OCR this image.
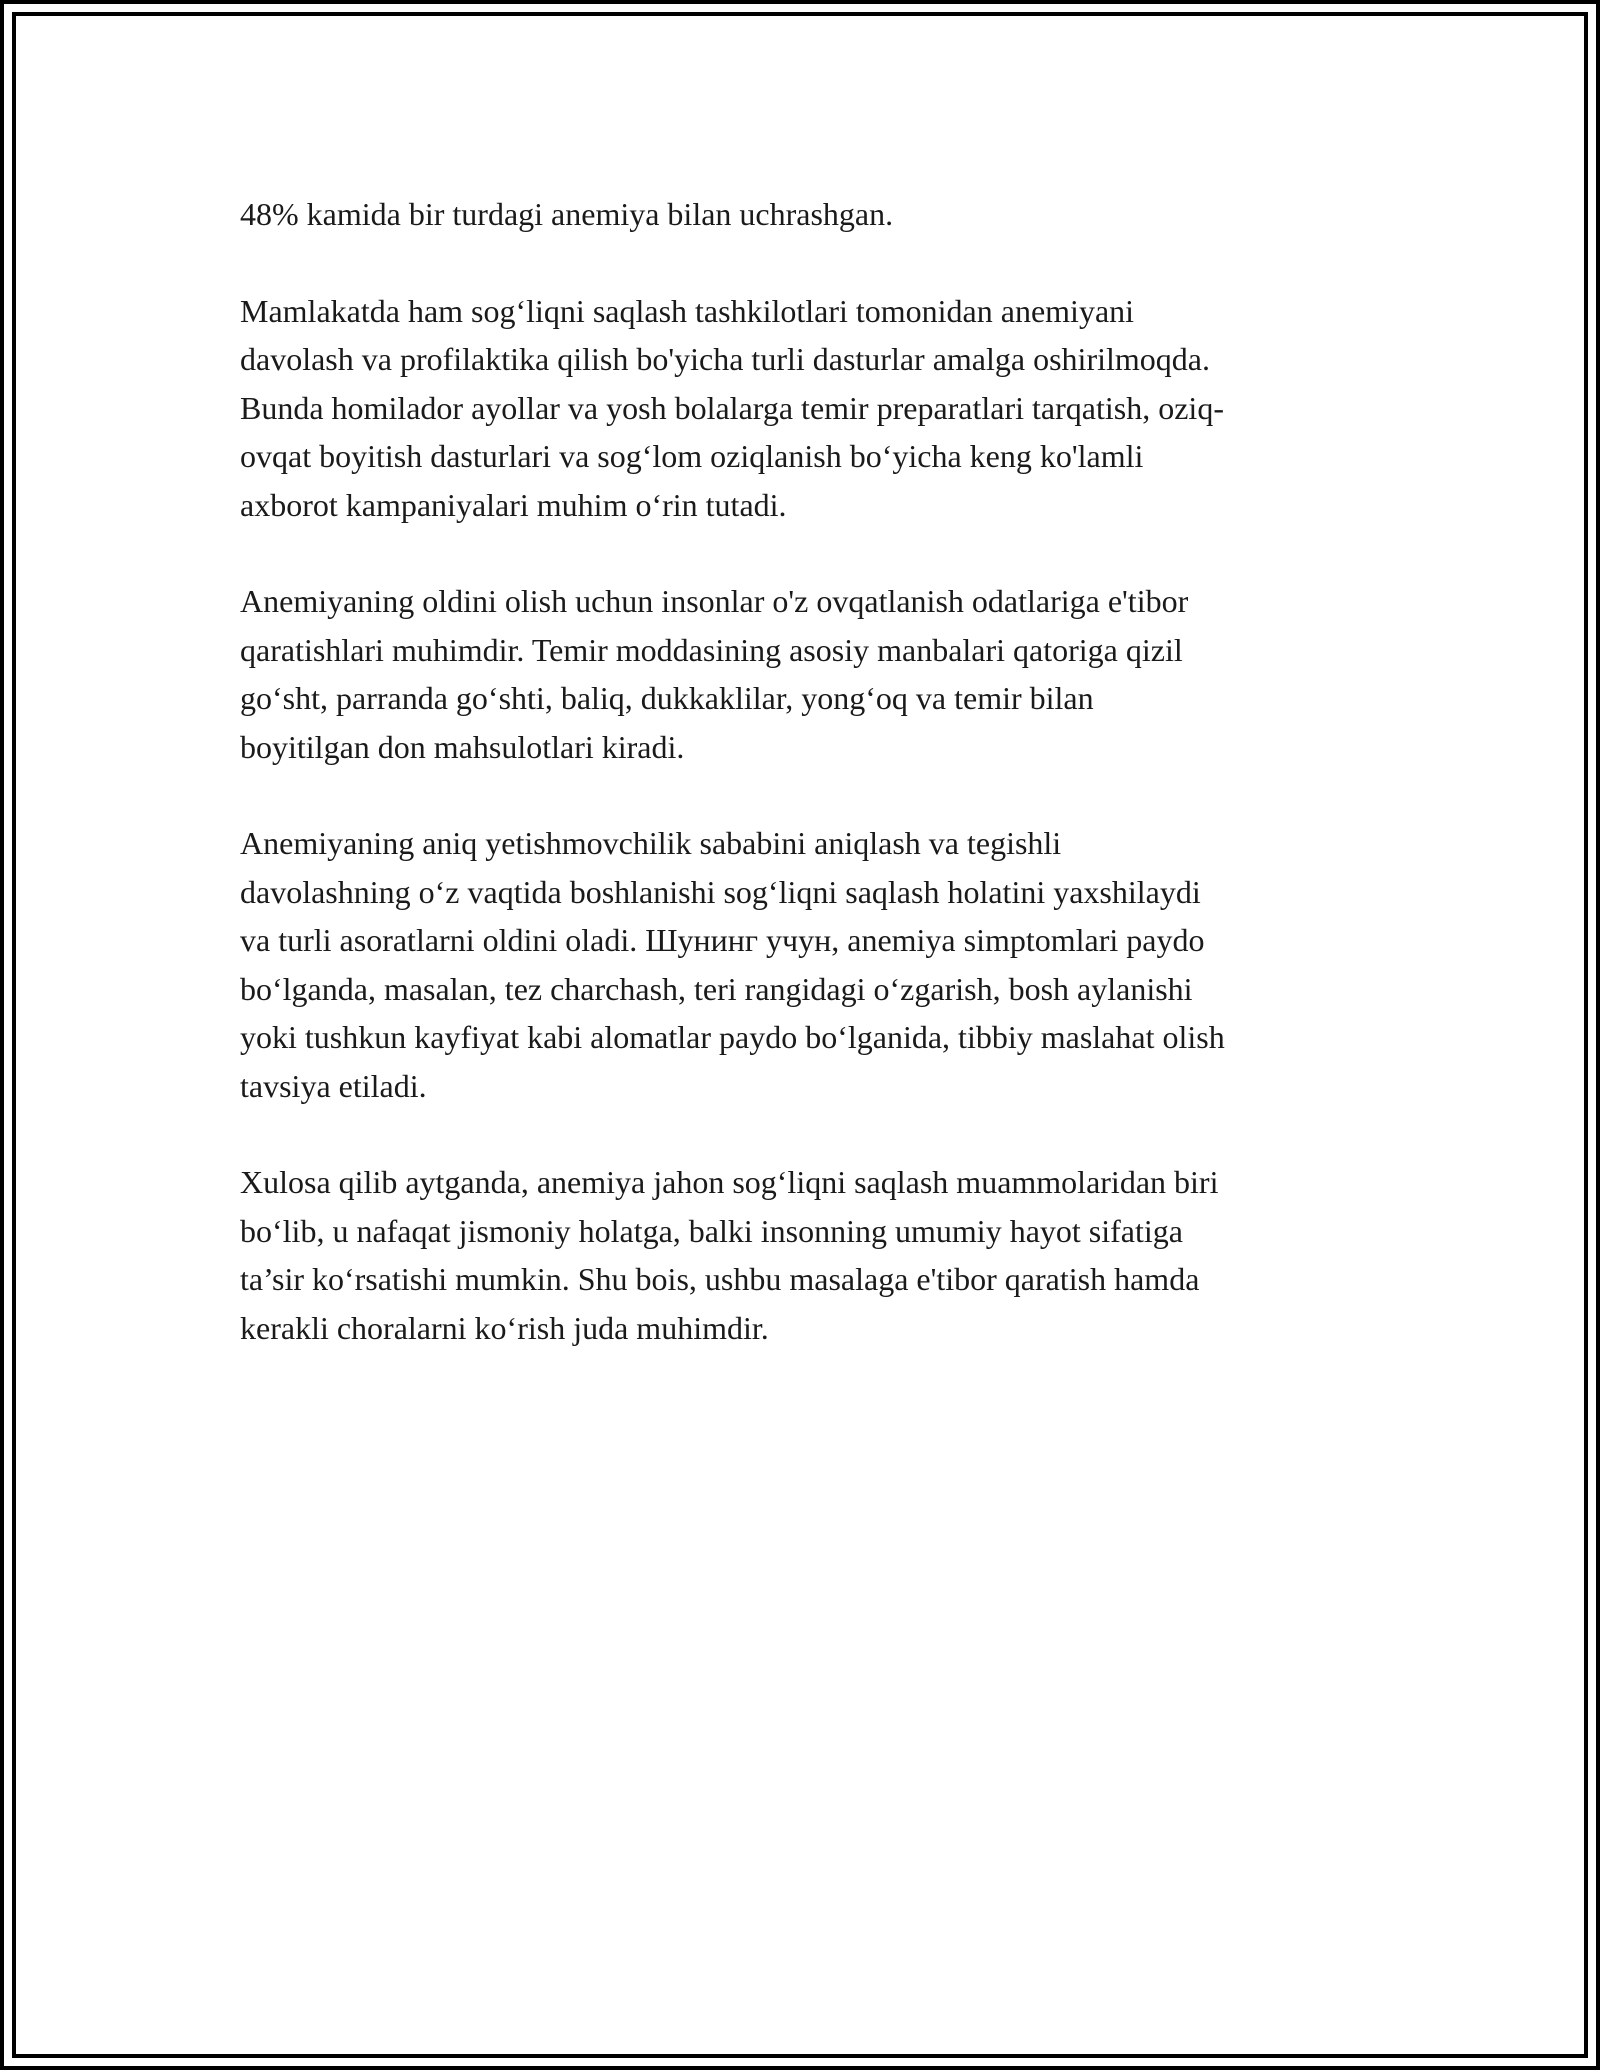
48% kamida bir turdagi anemiya bilan uchrashgan.

Mamlakatda ham sog‘liqni saqlash tashkilotlari tomonidan anemiyani
davolash va profilaktika qilish bo'yicha turli dasturlar amalga oshirilmoqda.
Bunda homilador ayollar va yosh bolalarga temir preparatlari tarqatish, oziq-
ovqat boyitish dasturlari va sog‘lom oziqlanish bo‘yicha keng ko'lamli
axborot kampaniyalari muhim o‘rin tutadi.

Anemiyaning oldini olish uchun insonlar o'z ovqatlanish odatlariga e'tibor
qaratishlari muhimdir. Temir moddasining asosiy manbalari qatoriga qizil
go‘sht, parranda go‘shti, baliq, dukkaklilar, yong‘oq va temir bilan
boyitilgan don mahsulotlari kiradi.

Anemiyaning aniq yetishmovchilik sababini aniqlash va tegishli
davolashning o‘z vaqtida boshlanishi sog‘liqni saqlash holatini yaxshilaydi
va turli asoratlarni oldini oladi. Шунинг учун, anemiya simptomlari paydo
bo‘lganda, masalan, tez charchash, teri rangidagi o‘zgarish, bosh aylanishi
yoki tushkun kayfiyat kabi alomatlar paydo bo‘lganida, tibbiy maslahat olish
tavsiya etiladi.

Xulosa qilib aytganda, anemiya jahon sog‘liqni saqlash muammolaridan biri
bo‘lib, u nafaqat jismoniy holatga, balki insonning umumiy hayot sifatiga
ta’sir ko‘rsatishi mumkin. Shu bois, ushbu masalaga e'tibor qaratish hamda
kerakli choralarni ko‘rish juda muhimdir.
